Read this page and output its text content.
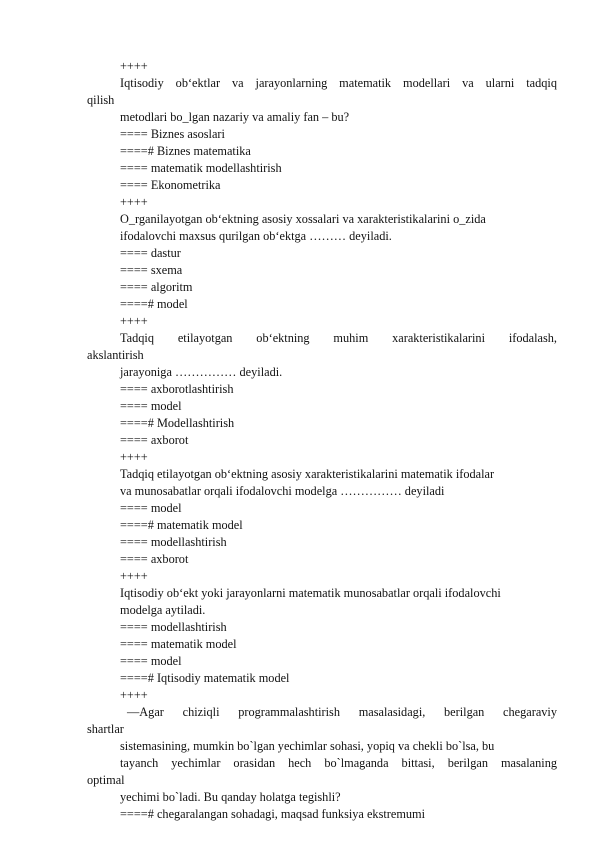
++++
Iqtisodiy ob‘ektlar va jarayonlarning matematik modellari va ularni tadqiq
qilish
metodlari bo_lgan nazariy va amaliy fan – bu?
==== Biznes asoslari
====# Biznes matematika
==== matematik modellashtirish
==== Ekonometrika
++++
O_rganilayotgan ob‘ektning asosiy xossalari va xarakteristikalarini o_zida
ifodalovchi maxsus qurilgan ob‘ektga ……… deyiladi.
==== dastur
==== sxema
==== algoritm
====# model
++++
Tadqiq etilayotgan ob‘ektning muhim xarakteristikalarini ifodalash,
akslantirish
jarayoniga …………… deyiladi.
==== axborotlashtirish
==== model
====# Modellashtirish
==== axborot
++++
Tadqiq etilayotgan ob‘ektning asosiy xarakteristikalarini matematik ifodalar
va munosabatlar orqali ifodalovchi modelga …………… deyiladi
==== model
====# matematik model
==== modellashtirish
==== axborot
++++
Iqtisodiy ob‘ekt yoki jarayonlarni matematik munosabatlar orqali ifodalovchi
modelga aytiladi.
==== modellashtirish
==== matematik model
==== model
====# Iqtisodiy matematik model
++++
―Agar chiziqli programmalashtirish masalasidagi, berilgan chegaraviy
shartlar
sistemasining, mumkin bo`lgan yechimlar sohasi, yopiq va chekli bo`lsa, bu
tayanch yechimlar orasidan hech bo`lmaganda bittasi, berilgan masalaning
optimal
yechimi bo`ladi. Bu qanday holatga tegishli?
====# chegaralangan sohadagi, maqsad funksiya ekstremumi
